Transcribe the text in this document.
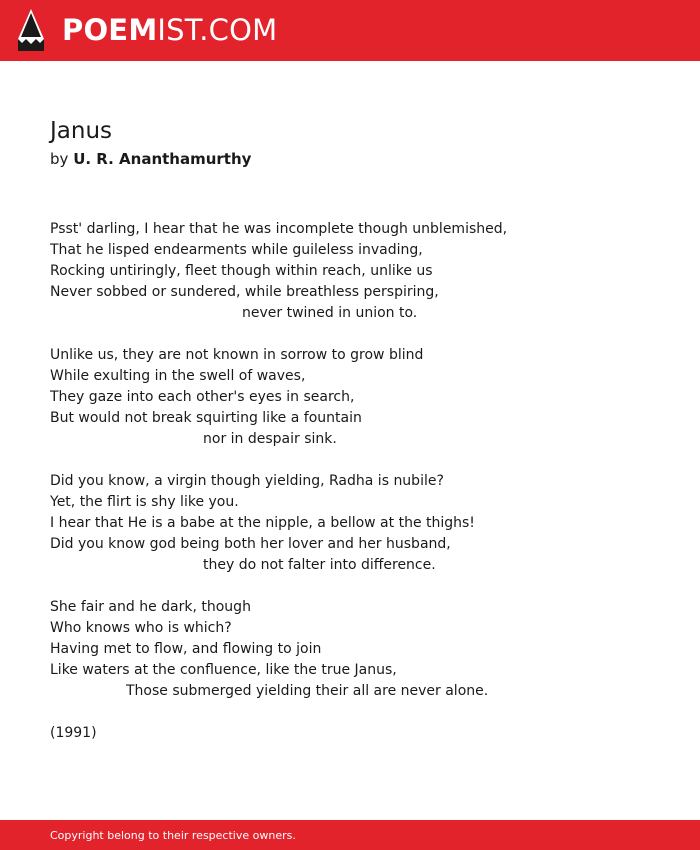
POEMIST.COM
Janus
by U. R. Ananthamurthy
Psst' darling, I hear that he was incomplete though unblemished,
That he lisped endearments while guileless invading,
Rocking untiringly, fleet though within reach, unlike us
Never sobbed or sundered, while breathless perspiring,
never twined in union to.
Unlike us, they are not known in sorrow to grow blind
While exulting in the swell of waves,
They gaze into each other's eyes in search,
But would not break squirting like a fountain
nor in despair sink.
Did you know, a virgin though yielding, Radha is nubile?
Yet, the flirt is shy like you.
I hear that He is a babe at the nipple, a bellow at the thighs!
Did you know god being both her lover and her husband,
they do not falter into difference.
She fair and he dark, though
Who knows who is which?
Having met to flow, and flowing to join
Like waters at the confluence, like the true Janus,
Those submerged yielding their all are never alone.
(1991)
Copyright belong to their respective owners.
